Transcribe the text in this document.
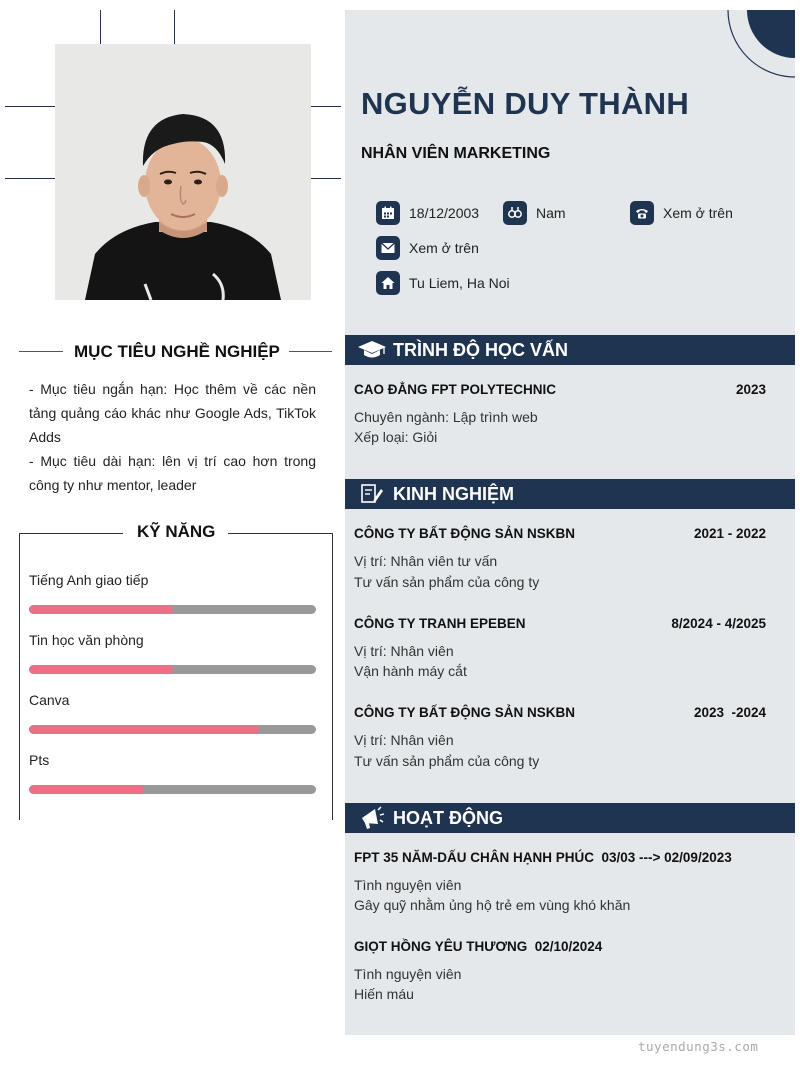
NGUYỄN DUY THÀNH
NHÂN VIÊN MARKETING
18/12/2003	Nam	Xem ở trên
Xem ở trên
Tu Liem, Ha Noi
MỤC TIÊU NGHỀ NGHIỆP
- Mục tiêu ngắn hạn: Học thêm về các nền tảng quảng cáo khác như Google Ads, TikTok Adds
- Mục tiêu dài hạn: lên vị trí cao hơn trong công ty như mentor, leader
KỸ NĂNG
Tiếng Anh giao tiếp
Tin học văn phòng
Canva
Pts
TRÌNH ĐỘ HỌC VẤN
CAO ĐẲNG FPT POLYTECHNIC	2023
Chuyên ngành: Lập trình web
Xếp loại: Giỏi
KINH NGHIỆM
CÔNG TY BẤT ĐỘNG SẢN NSKBN	2021 - 2022
Vị trí: Nhân viên tư vấn
Tư vấn sản phẩm của công ty
CÔNG TY TRANH EPEBEN	8/2024 - 4/2025
Vị trí: Nhân viên
Vận hành máy cắt
CÔNG TY BẤT ĐỘNG SẢN NSKBN	2023  -2024
Vị trí: Nhân viên
Tư vấn sản phẩm của công ty
HOẠT ĐỘNG
FPT 35 NĂM-DẤU CHÂN HẠNH PHÚC  03/03 ---> 02/09/2023
Tình nguyện viên
Gây quỹ nhằm ủng hộ trẻ em vùng khó khăn
GIỌT HỒNG YÊU THƯƠNG  02/10/2024
Tình nguyện viên
Hiến máu
tuyendung3s.com
